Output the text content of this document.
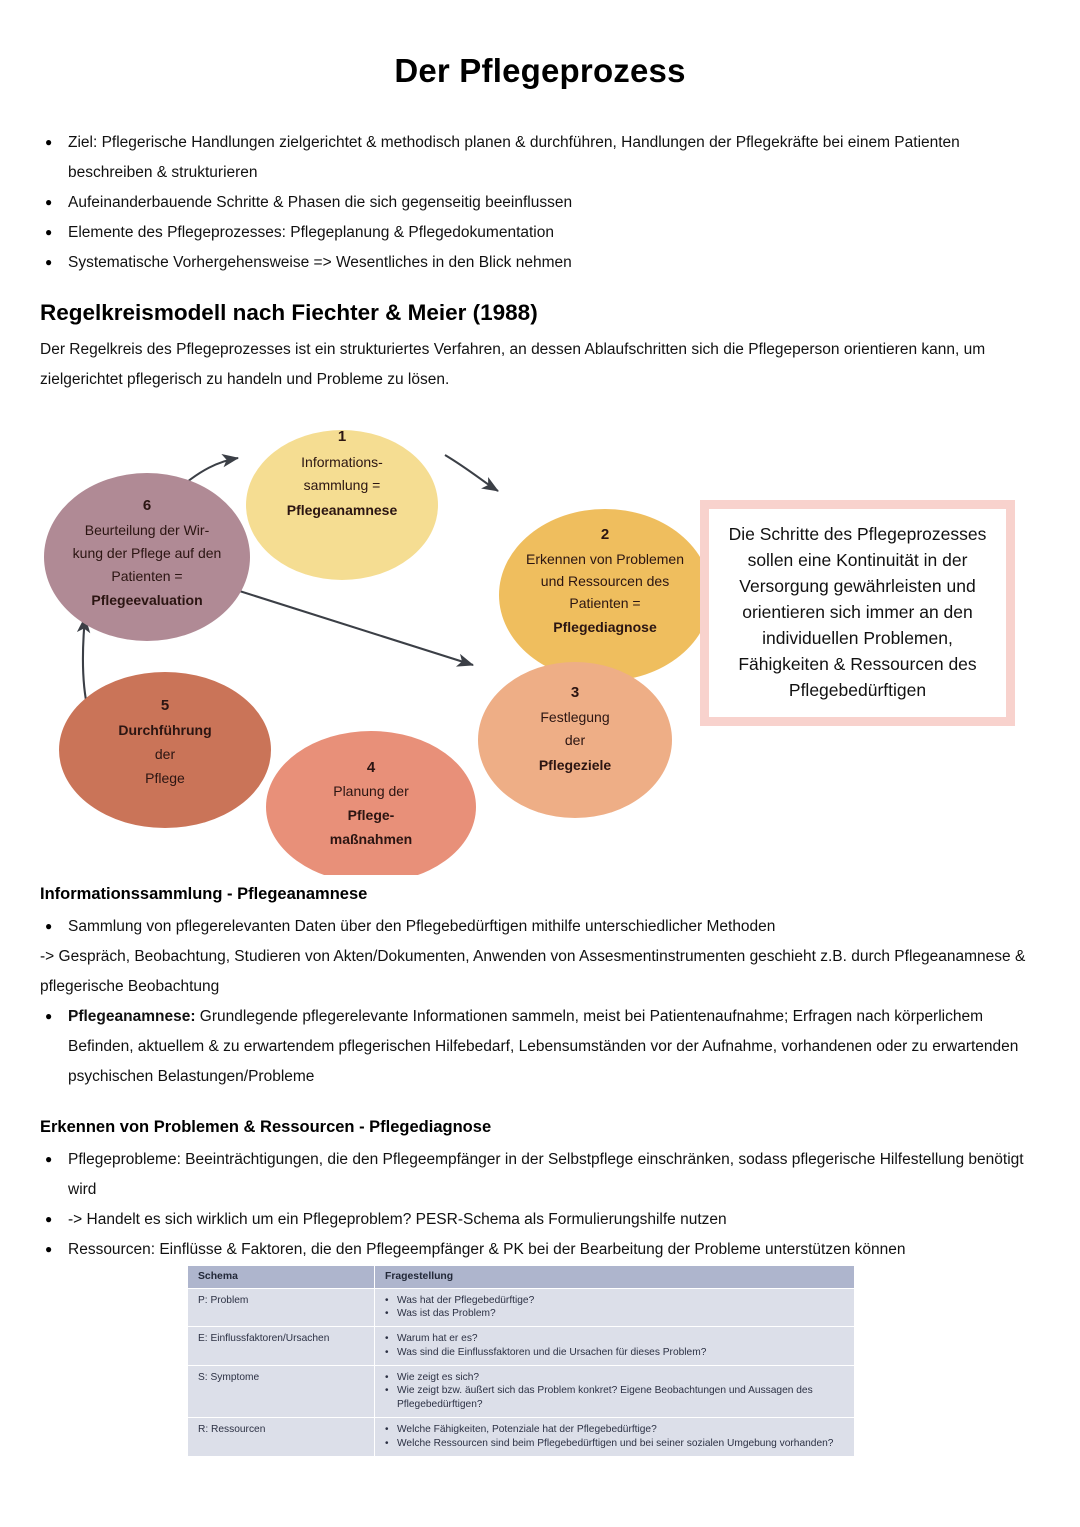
Der Pflegeprozess
● Ziel: Pflegerische Handlungen zielgerichtet & methodisch planen & durchführen, Handlungen der Pflegekräfte bei einem Patienten beschreiben & strukturieren
● Aufeinanderbauende Schritte & Phasen die sich gegenseitig beeinflussen
● Elemente des Pflegeprozesses: Pflegeplanung & Pflegedokumentation
● Systematische Vorhergehensweise => Wesentliches in den Blick nehmen
Regelkreismodell nach Fiechter & Meier (1988)
Der Regelkreis des Pflegeprozesses ist ein strukturiertes Verfahren, an dessen Ablaufschritten sich die Pflegeperson orientieren kann, um zielgerichtet pflegerisch zu handeln und Probleme zu lösen.
1
Informations-
sammlung =
Pflegeanamnese
2
Erkennen von Problemen
und Ressourcen des
Patienten =
Pflegediagnose
3
Festlegung
der
Pflegeziele
4
Planung der
Pflege-
maßnahmen
5
Durchführung
der
Pflege
6
Beurteilung der Wir-
kung der Pflege auf den
Patienten =
Pflegeevaluation
Die Schritte des Pflegeprozesses sollen eine Kontinuität in der Versorgung gewährleisten und orientieren sich immer an den individuellen Problemen, Fähigkeiten & Ressourcen des Pflegebedürftigen
Informationssammlung - Pflegeanamnese
● Sammlung von pflegerelevanten Daten über den Pflegebedürftigen mithilfe unterschiedlicher Methoden
-> Gespräch, Beobachtung, Studieren von Akten/Dokumenten, Anwenden von Assesmentinstrumenten geschieht z.B. durch Pflegeanamnese & pflegerische Beobachtung
● Pflegeanamnese: Grundlegende pflegerelevante Informationen sammeln, meist bei Patientenaufnahme; Erfragen nach körperlichem Befinden, aktuellem & zu erwartendem pflegerischen Hilfebedarf, Lebensumständen vor der Aufnahme, vorhandenen oder zu erwartenden psychischen Belastungen/Probleme
Erkennen von Problemen & Ressourcen - Pflegediagnose
● Pflegeprobleme: Beeinträchtigungen, die den Pflegeempfänger in der Selbstpflege einschränken, sodass pflegerische Hilfestellung benötigt wird
● -> Handelt es sich wirklich um ein Pflegeproblem? PESR-Schema als Formulierungshilfe nutzen
● Ressourcen: Einflüsse & Faktoren, die den Pflegeempfänger & PK bei der Bearbeitung der Probleme unterstützen können
Schema	Fragestellung
P: Problem	
•Was hat der Pflegebedürftige?
• Was ist das Problem?

E: Einflussfaktoren/Ursachen	
•Warum hat er es?
• Was sind die Einflussfaktoren und die Ursachen für dieses Problem?

S: Symptome	
•Wie zeigt es sich?
• Wie zeigt bzw. äußert sich das Problem konkret? Eigene Beobachtungen und Aussagen des Pflegebedürftigen?

R: Ressourcen	
•Welche Fähigkeiten, Potenziale hat der Pflegebedürftige?
• Welche Ressourcen sind beim Pflegebedürftigen und bei seiner sozialen Umgebung vorhanden?
